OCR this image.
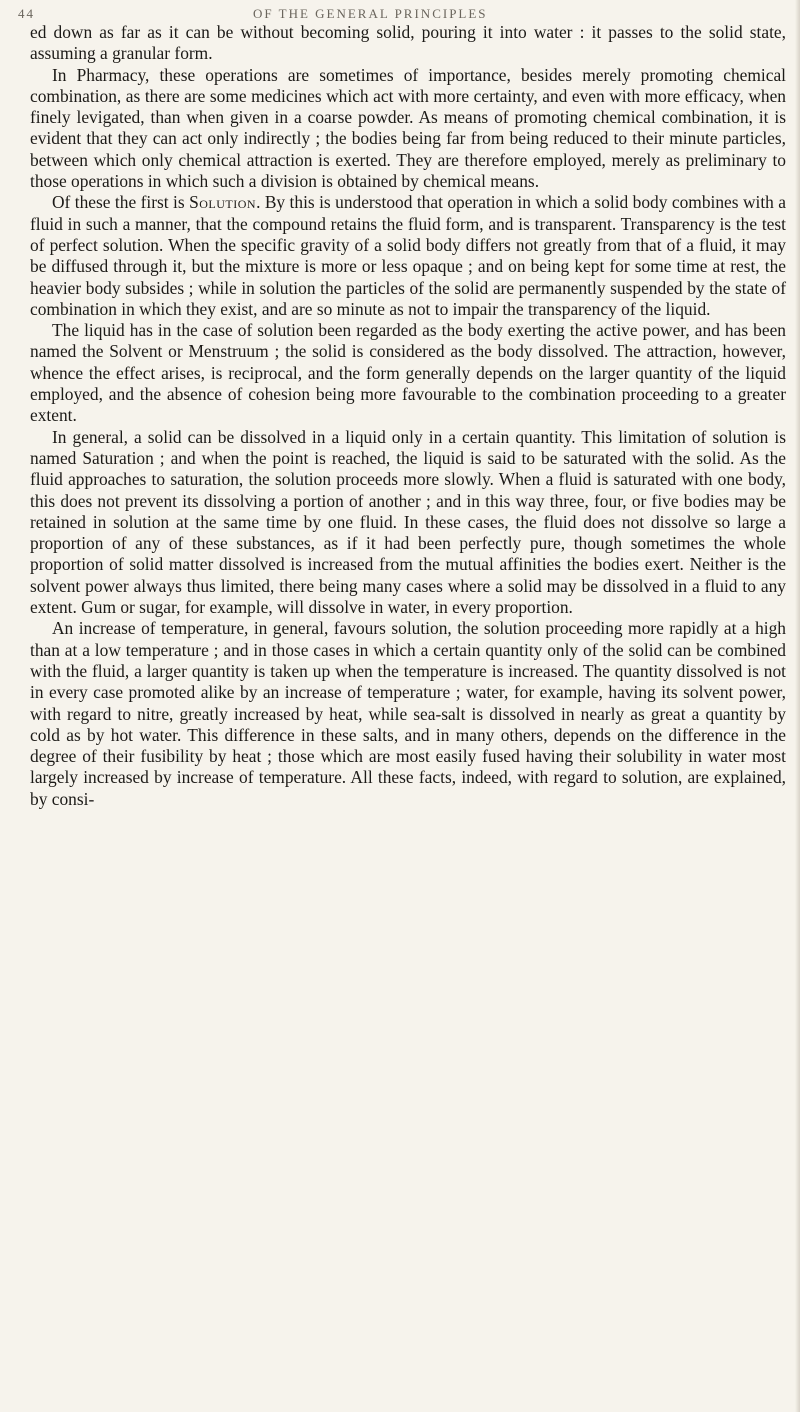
44	OF THE GENERAL PRINCIPLES

ed down as far as it can be without becoming solid, pouring it into water : it passes to the solid state, assuming a granular form.

In Pharmacy, these operations are sometimes of importance, besides merely promoting chemical combination, as there are some medicines which act with more certainty, and even with more efficacy, when finely levigated, than when given in a coarse powder. As means of promoting chemical combination, it is evident that they can act only indirectly ; the bodies being far from being reduced to their minute particles, between which only chemical attraction is exerted. They are therefore employed, merely as preliminary to those operations in which such a division is obtained by chemical means.

Of these the first is Solution. By this is understood that operation in which a solid body combines with a fluid in such a manner, that the compound retains the fluid form, and is transparent. Transparency is the test of perfect solution. When the specific gravity of a solid body differs not greatly from that of a fluid, it may be diffused through it, but the mixture is more or less opaque ; and on being kept for some time at rest, the heavier body subsides ; while in solution the particles of the solid are permanently suspended by the state of combination in which they exist, and are so minute as not to impair the transparency of the liquid.

The liquid has in the case of solution been regarded as the body exerting the active power, and has been named the Solvent or Menstruum ; the solid is considered as the body dissolved. The attraction, however, whence the effect arises, is reciprocal, and the form generally depends on the larger quantity of the liquid employed, and the absence of cohesion being more favourable to the combination proceeding to a greater extent.

In general, a solid can be dissolved in a liquid only in a certain quantity. This limitation of solution is named Saturation ; and when the point is reached, the liquid is said to be saturated with the solid. As the fluid approaches to saturation, the solution proceeds more slowly. When a fluid is saturated with one body, this does not prevent its dissolving a portion of another ; and in this way three, four, or five bodies may be retained in solution at the same time by one fluid. In these cases, the fluid does not dissolve so large a proportion of any of these substances, as if it had been perfectly pure, though sometimes the whole proportion of solid matter dissolved is increased from the mutual affinities the bodies exert. Neither is the solvent power always thus limited, there being many cases where a solid may be dissolved in a fluid to any extent. Gum or sugar, for example, will dissolve in water, in every proportion.

An increase of temperature, in general, favours solution, the solution proceeding more rapidly at a high than at a low temperature ; and in those cases in which a certain quantity only of the solid can be combined with the fluid, a larger quantity is taken up when the temperature is increased. The quantity dissolved is not in every case promoted alike by an increase of temperature ; water, for example, having its solvent power, with regard to nitre, greatly increased by heat, while sea-salt is dissolved in nearly as great a quantity by cold as by hot water. This difference in these salts, and in many others, depends on the difference in the degree of their fusibility by heat ; those which are most easily fused having their solubility in water most largely increased by increase of temperature. All these facts, indeed, with regard to solution, are explained, by consi-
